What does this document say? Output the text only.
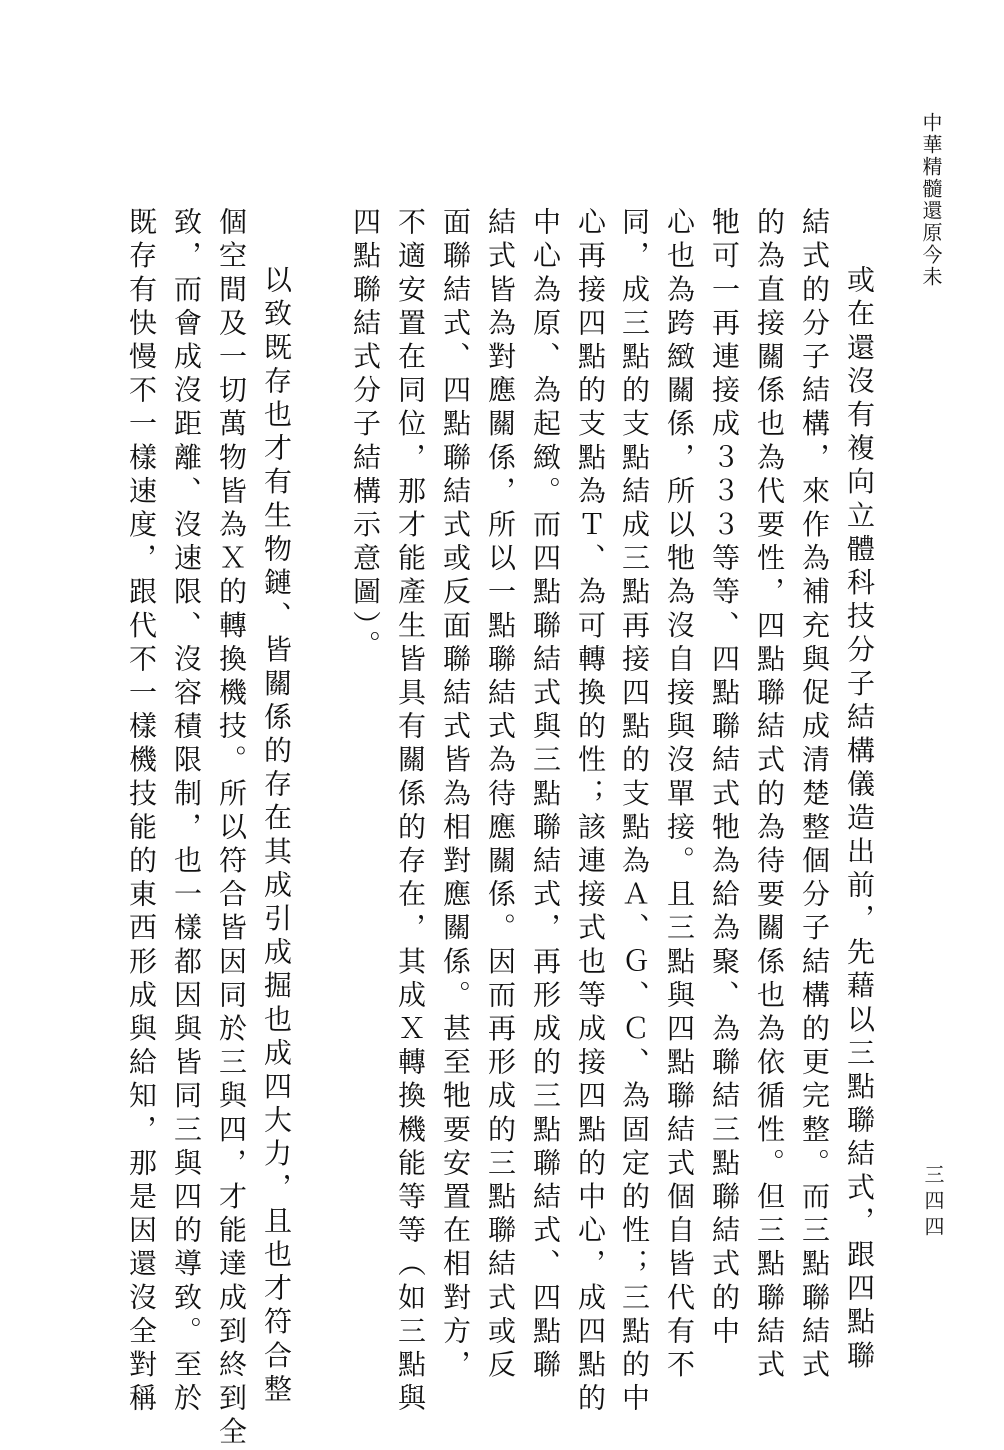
中華精髓還原今未
三四四
或在還沒有複向立體科技分子結構儀造出前，先藉以三點聯結式，跟四點聯
結式的分子結構，來作為補充與促成清楚整個分子結構的更完整。而三點聯結式
的為直接關係也為代要性，四點聯結式的為待要關係也為依循性。但三點聯結式
牠可一再連接成３３３等等、四點聯結式牠為給為聚、為聯結三點聯結式的中
心也為跨緻關係，所以牠為沒自接與沒單接。且三點與四點聯結式個自皆代有不
同，成三點的支點結成三點再接四點的支點為Ａ、Ｇ、Ｃ、為固定的性；三點的中
心再接四點的支點為Ｔ、為可轉換的性；該連接式也等成接四點的中心，成四點的
中心為原、為起緻。而四點聯結式與三點聯結式，再形成的三點聯結式、四點聯
結式皆為對應關係，所以一點聯結式為待應關係。因而再形成的三點聯結式或反
面聯結式、四點聯結式或反面聯結式皆為相對應關係。甚至牠要安置在相對方，
不適安置在同位，那才能產生皆具有關係的存在，其成Ｘ轉換機能等等（如三點與
四點聯結式分子結構示意圖）。
以致既存也才有生物鏈、皆關係的存在其成引成掘也成四大力，且也才符合整
個空間及一切萬物皆為Ｘ的轉換機技。所以符合皆因同於三與四，才能達成到終到全
致，而會成沒距離、沒速限、沒容積限制，也一樣都因與皆同三與四的導致。至於
既存有快慢不一樣速度，跟代不一樣機技能的東西形成與給知，那是因還沒全對稱
